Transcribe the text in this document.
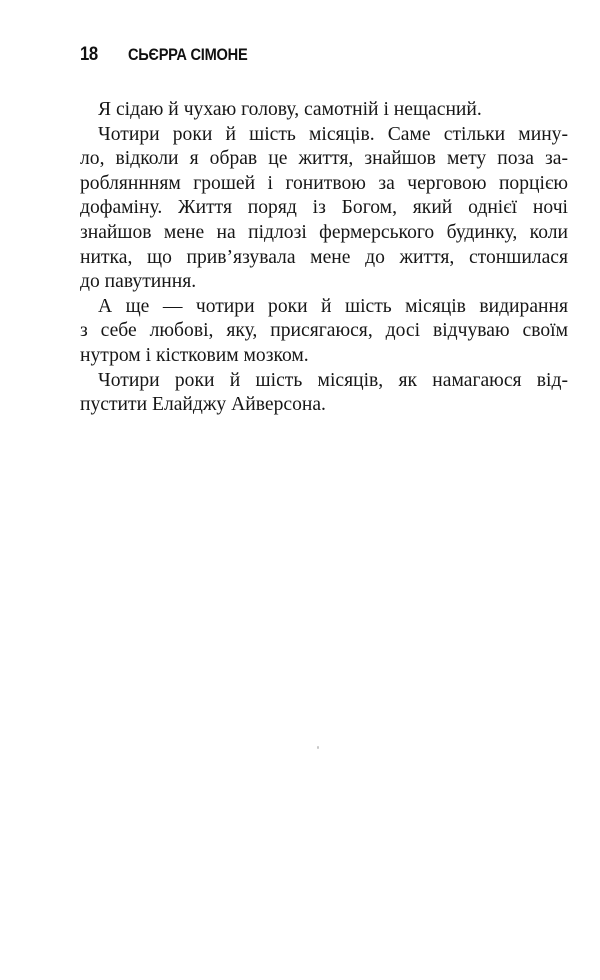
18	СЬЄРРА СІМОНЕ
Я сідаю й чухаю голову, самотній і нещасний.
Чотири роки й шість місяців. Саме стільки мину-
ло, відколи я обрав це життя, знайшов мету поза за-
робляннням грошей і гонитвою за черговою порцією
дофаміну. Життя поряд із Богом, який однієї ночі
знайшов мене на підлозі фермерського будинку, коли
нитка, що прив’язувала мене до життя, стоншилася
до павутиння.
А ще — чотири роки й шість місяців видирання
з себе любові, яку, присягаюся, досі відчуваю своїм
нутром і кістковим мозком.
Чотири роки й шість місяців, як намагаюся від-
пустити Елайджу Айверсона.
